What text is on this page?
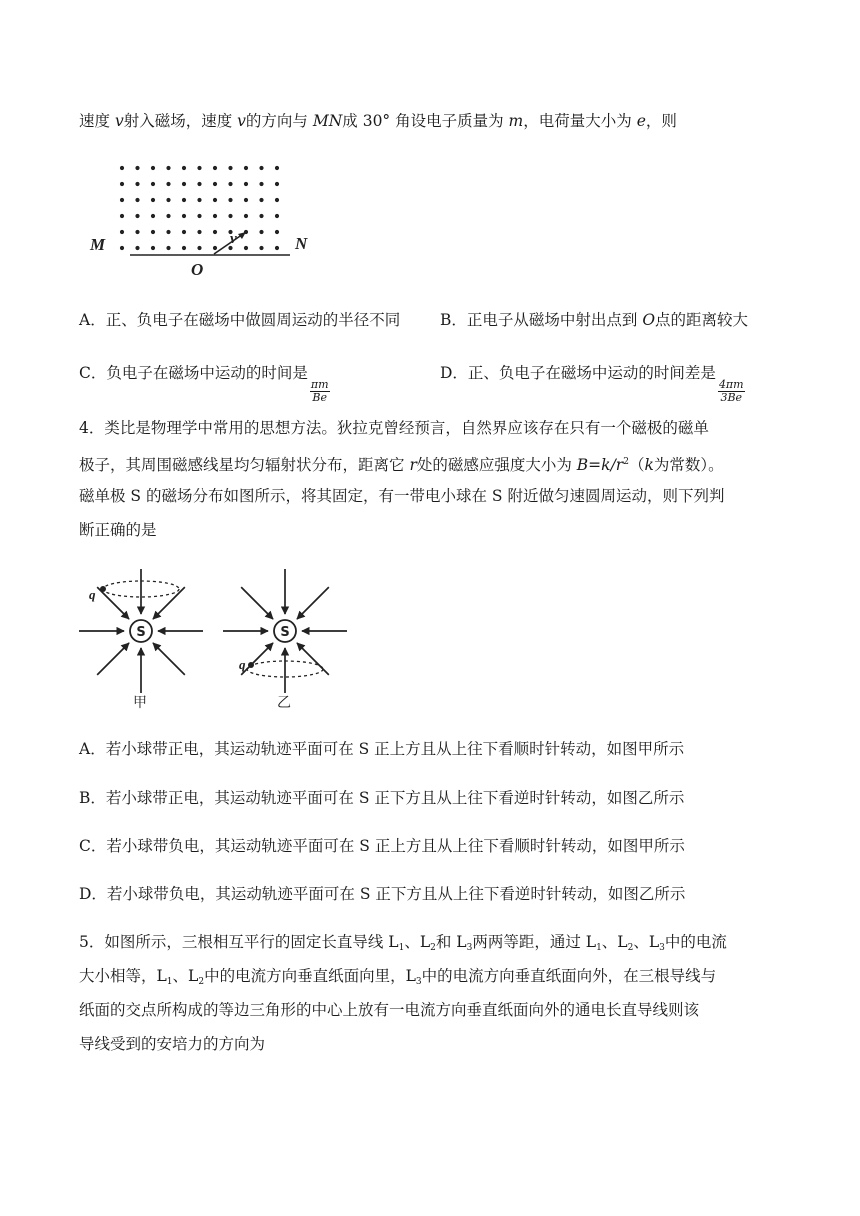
速度 v射入磁场，速度 v的方向与 MN成 30° 角设电子质量为 m，电荷量大小为 e，则
M	N
O
v
A．正、负电子在磁场中做圆周运动的半径不同	B．正电子从磁场中射出点到 O点的距离较大
C．负电子在磁场中运动的时间是
$\frac{\pi m}{Be}$
D．正、负电子在磁场中运动的时间差是
$\frac{4\pi m}{3Be}$
4．类比是物理学中常用的思想方法。狄拉克曾经预言，自然界应该存在只有一个磁极的磁单
极子，其周围磁感线星均匀辐射状分布，距离它 r处的磁感应强度大小为 $B=k/r^2(k$为常数）。
磁单极 S 的磁场分布如图所示，将其固定，有一带电小球在 S 附近做匀速圆周运动，则下列判
断正确的是
S
q
甲
S
q
乙
A．若小球带正电，其运动轨迹平面可在 S 正上方且从上往下看顺时针转动，如图甲所示
B．若小球带正电，其运动轨迹平面可在 S 正下方且从上往下看逆时针转动，如图乙所示
C．若小球带负电，其运动轨迹平面可在 S 正上方且从上往下看顺时针转动，如图甲所示
D．若小球带负电，其运动轨迹平面可在 S 正下方且从上往下看逆时针转动，如图乙所示
5．如图所示，三根相互平行的固定长直导线 $L_1$、$L_2$和 $L_3$两两等距，通过 $L_1$、$L_2$、$L_3$中的电流
大小相等，$L_1$、$L_2$中的电流方向垂直纸面向里，$L_3$中的电流方向垂直纸面向外，在三根导线与
纸面的交点所构成的等边三角形的中心上放有一电流方向垂直纸面向外的通电长直导线则该
导线受到的安培力的方向为
